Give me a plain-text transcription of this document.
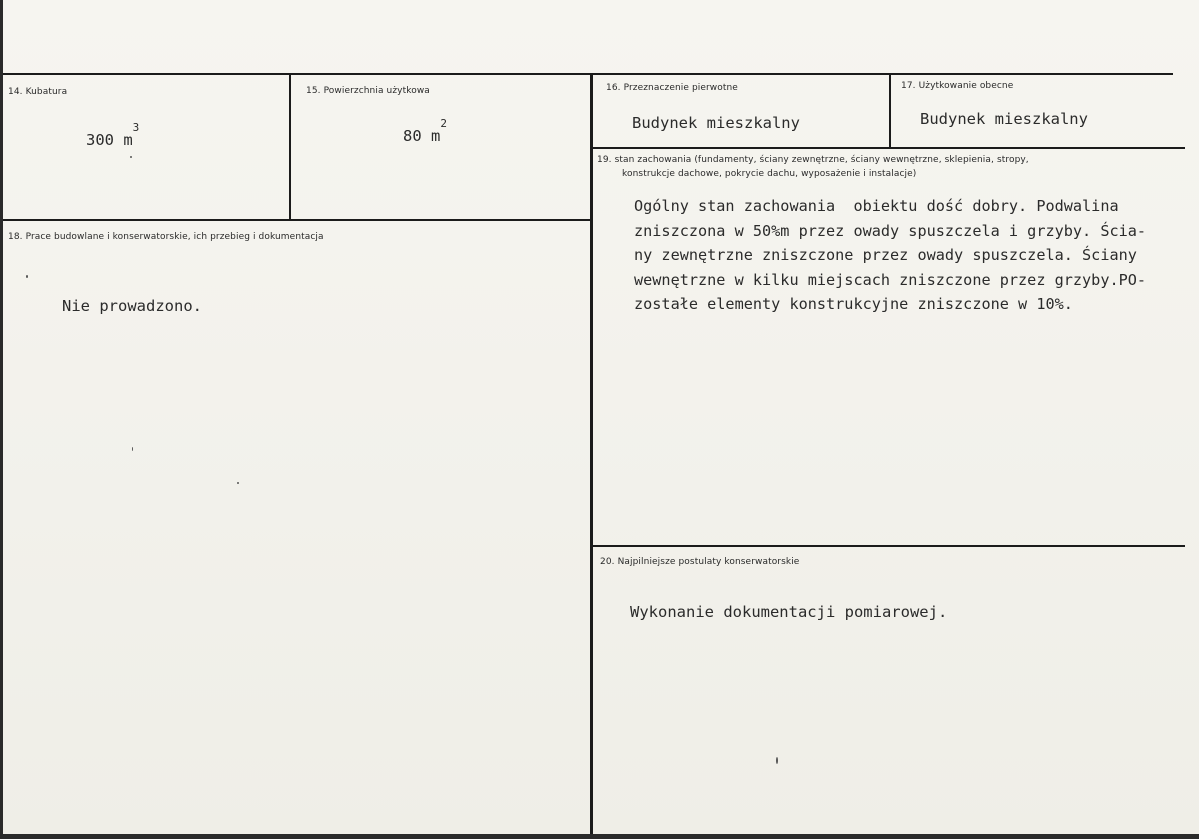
14. Kubatura
300 $m^3$
15. Powierzchnia użytkowa
80 $m^2$
16. Przeznaczenie pierwotne
Budynek mieszkalny
17. Użytkowanie obecne
Budynek mieszkalny
19. stan zachowania (fundamenty, ściany zewnętrzne, ściany wewnętrzne, sklepienia, stropy,
konstrukcje dachowe, pokrycie dachu, wyposażenie i instalacje)
Ogólny stan zachowania  obiektu dość dobry. Podwalina
zniszczona w 50%m przez owady spuszczela i grzyby. Ścia-
ny zewnętrzne zniszczone przez owady spuszczela. Ściany
wewnętrzne w kilku miejscach zniszczone przez grzyby.PO-
zostałe elementy konstrukcyjne zniszczone w 10%.
18. Prace budowlane i konserwatorskie, ich przebieg i dokumentacja
Nie prowadzono.
20. Najpilniejsze postulaty konserwatorskie
Wykonanie dokumentacji pomiarowej.
